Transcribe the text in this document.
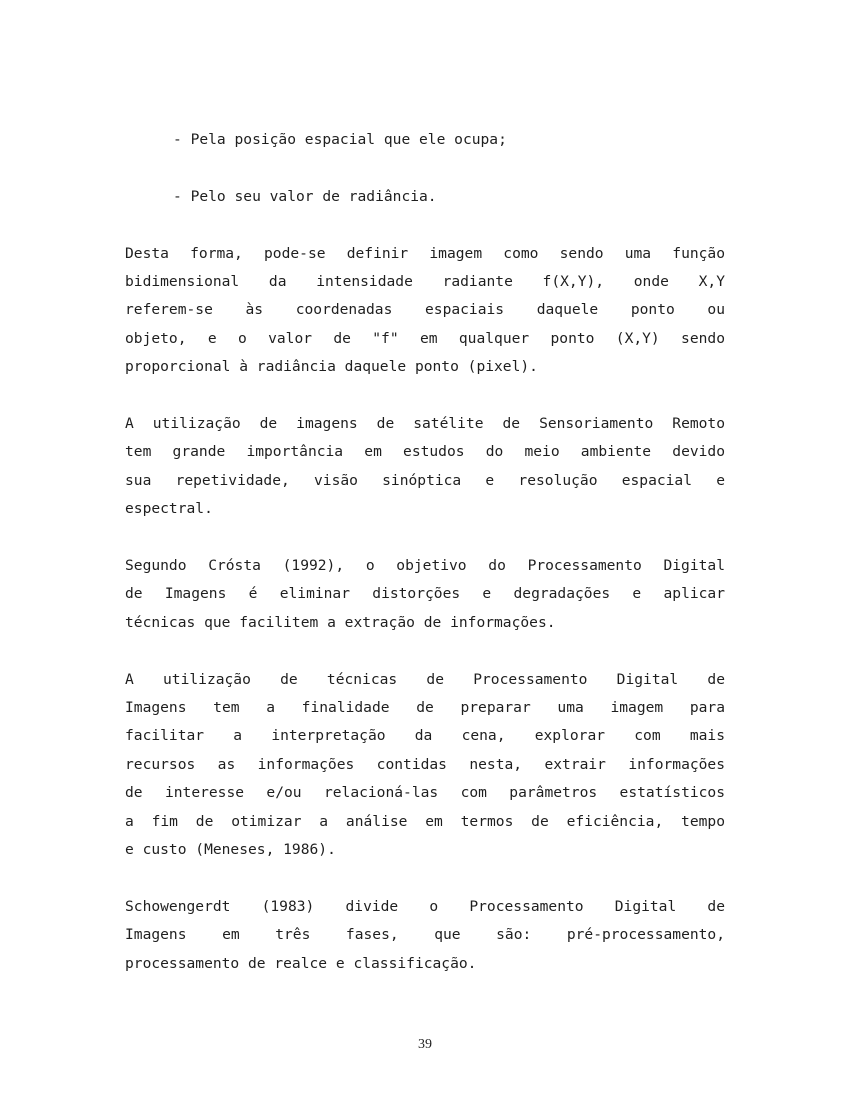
- Pela posição espacial que ele ocupa;
- Pelo seu valor de radiância.
Desta forma, pode-se definir imagem como sendo uma função
bidimensional da intensidade radiante f(X,Y), onde X,Y
referem-se às coordenadas espaciais daquele ponto ou
objeto, e o valor de "f" em qualquer ponto (X,Y) sendo
proporcional à radiância daquele ponto (pixel).
A utilização de imagens de satélite de Sensoriamento Remoto
tem grande importância em estudos do meio ambiente devido
sua repetividade, visão sinóptica e resolução espacial e
espectral.
Segundo Crósta (1992), o objetivo do Processamento Digital
de Imagens é eliminar distorções e degradações e aplicar
técnicas que facilitem a extração de informações.
A utilização de técnicas de Processamento Digital de
Imagens tem a finalidade de preparar uma imagem para
facilitar a interpretação da cena, explorar com mais
recursos as informações contidas nesta, extrair informações
de interesse e/ou relacioná-las com parâmetros estatísticos
a fim de otimizar a análise em termos de eficiência, tempo
e custo (Meneses, 1986).
Schowengerdt (1983) divide o Processamento Digital de
Imagens em três fases, que são: pré-processamento,
processamento de realce e classificação.
39
